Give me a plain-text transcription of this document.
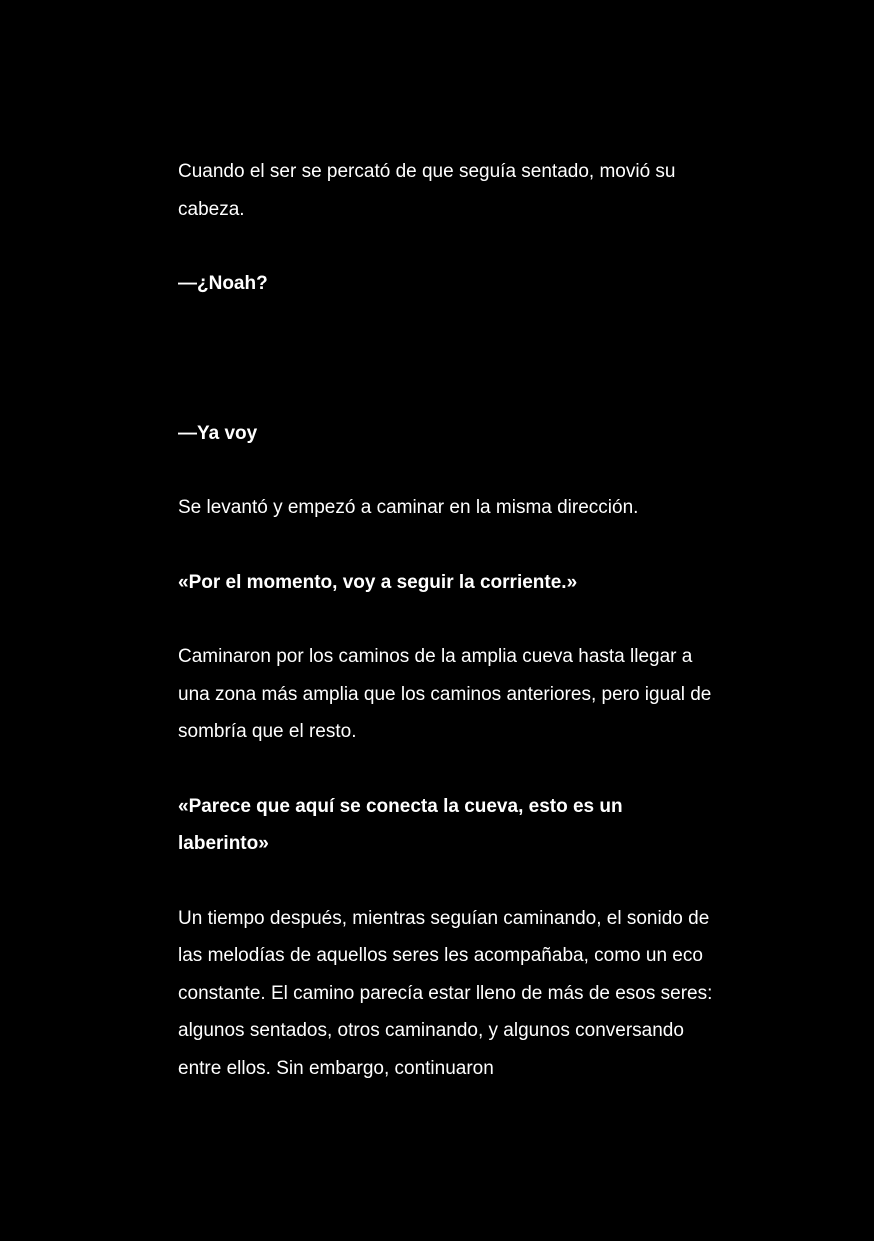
Cuando el ser se percató de que seguía sentado, movió su cabeza.

—¿Noah?

—Ya voy

Se levantó y empezó a caminar en la misma dirección.

«Por el momento, voy a seguir la corriente.»

Caminaron por los caminos de la amplia cueva hasta llegar a una zona más amplia que los caminos anteriores, pero igual de sombría que el resto.

«Parece que aquí se conecta la cueva, esto es un laberinto»

Un tiempo después, mientras seguían caminando, el sonido de las melodías de aquellos seres les acompañaba, como un eco constante. El camino parecía estar lleno de más de esos seres: algunos sentados, otros caminando, y algunos conversando entre ellos. Sin embargo, continuaron
